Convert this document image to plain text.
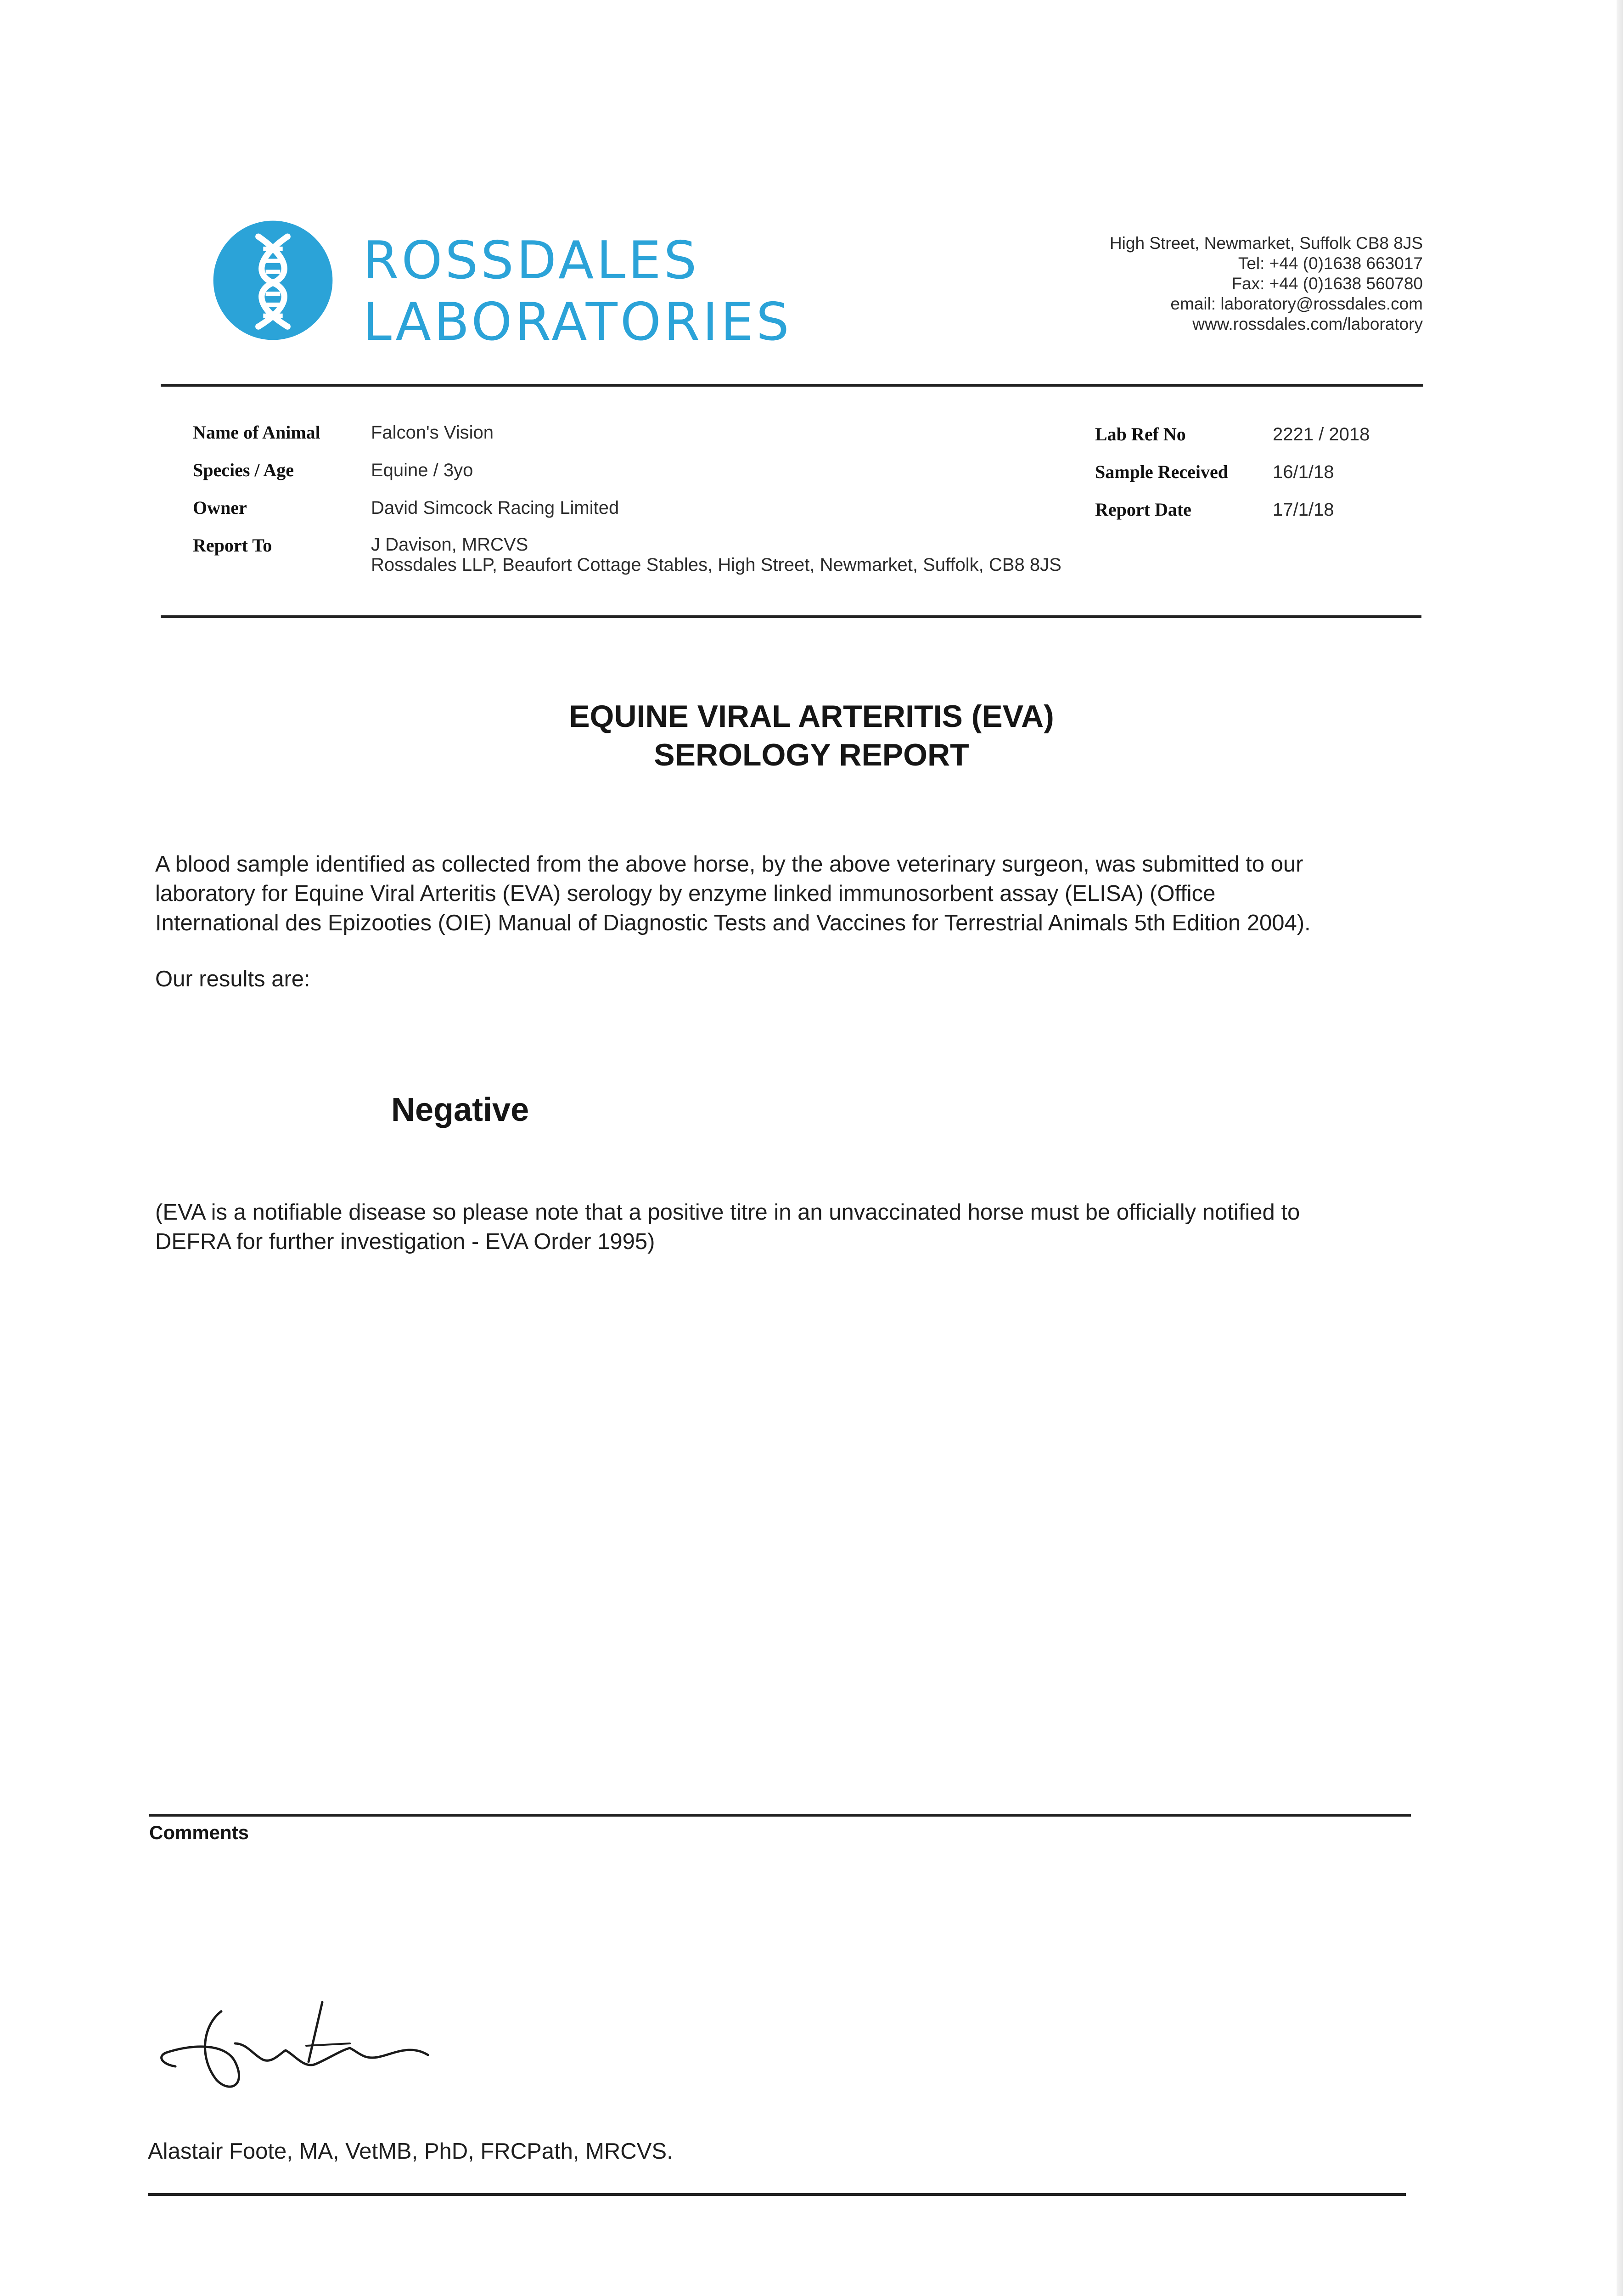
ROSSDALES
LABORATORIES
High Street, Newmarket, Suffolk CB8 8JS
Tel: +44 (0)1638 663017
Fax: +44 (0)1638 560780
email: laboratory@rossdales.com
www.rossdales.com/laboratory
Name of Animal	Falcon's Vision
Species / Age	Equine / 3yo
Owner	David Simcock Racing Limited
Report To	J Davison, MRCVS
Rossdales LLP, Beaufort Cottage Stables, High Street, Newmarket, Suffolk, CB8 8JS
Lab Ref No	2221 / 2018
Sample Received 16/1/18
Report Date	17/1/18
EQUINE VIRAL ARTERITIS (EVA)
SEROLOGY REPORT
A blood sample identified as collected from the above horse, by the above veterinary surgeon, was submitted to our
laboratory for Equine Viral Arteritis (EVA) serology by enzyme linked immunosorbent assay (ELISA) (Office
International des Epizooties (OIE) Manual of Diagnostic Tests and Vaccines for Terrestrial Animals 5th Edition 2004).
Our results are:
Negative
(EVA is a notifiable disease so please note that a positive titre in an unvaccinated horse must be officially notified to
DEFRA for further investigation - EVA Order 1995)
Comments
Alastair Foote, MA, VetMB, PhD, FRCPath, MRCVS.
